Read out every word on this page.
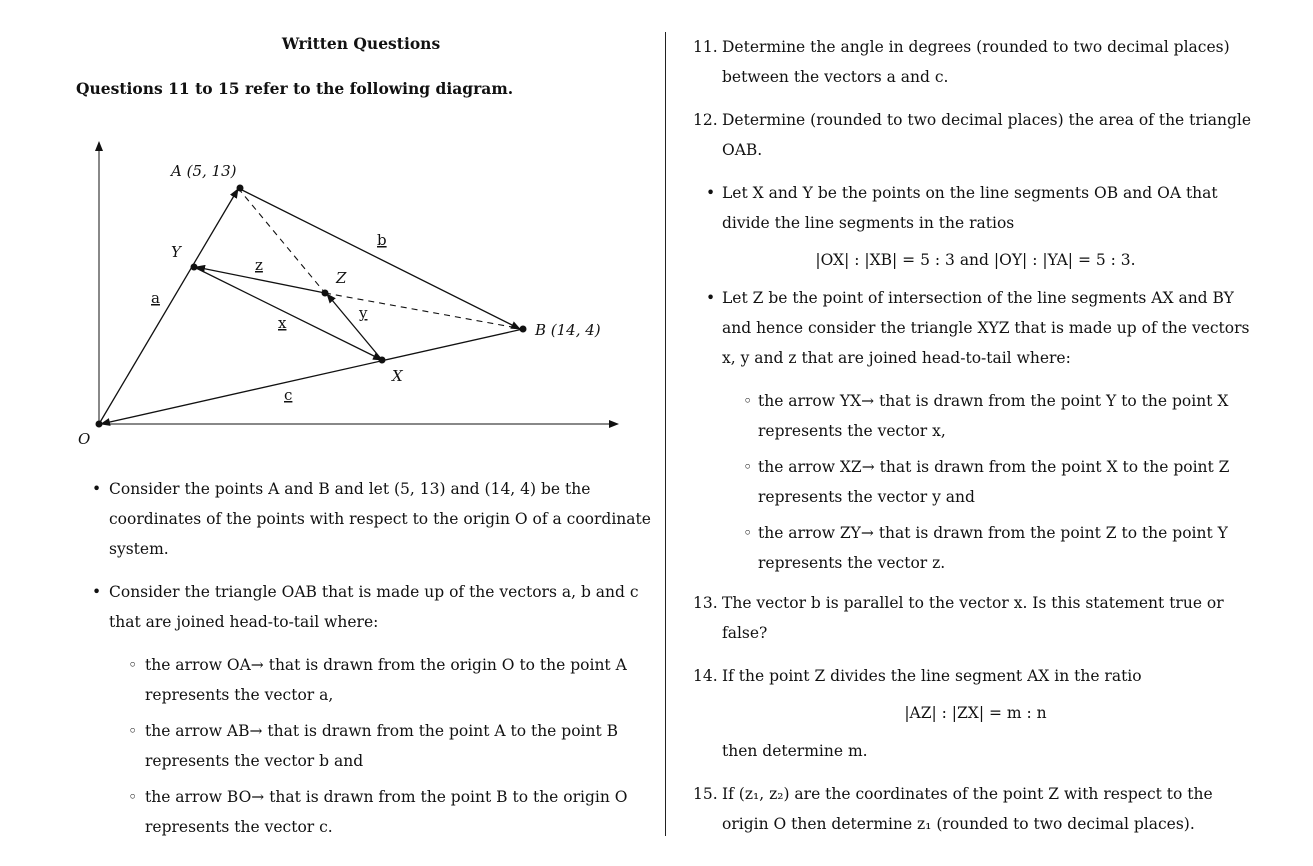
Written Questions
Questions 11 to 15 refer to the following diagram.
A (5, 13)
B (14, 4)
O
X
Y
Z
a
b
c
x
y
z
• Consider the points A and B and let (5, 13) and (14, 4) be the coordinates of the points with respect to the origin O of a coordinate system.
• Consider the triangle OAB that is made up of the vectors a, b and c that are joined head-to-tail where:
◦ the arrow OA→ that is drawn from the origin O to the point A represents the vector a,
◦ the arrow AB→ that is drawn from the point A to the point B represents the vector b and
◦ the arrow BO→ that is drawn from the point B to the origin O represents the vector c.
11. Determine the angle in degrees (rounded to two decimal places) between the vectors a and c.
12. Determine (rounded to two decimal places) the area of the triangle OAB.
• Let X and Y be the points on the line segments OB and OA that divide the line segments in the ratios
|OX| : |XB| = 5 : 3 and |OY| : |YA| = 5 : 3.
• Let Z be the point of intersection of the line segments AX and BY and hence consider the triangle XYZ that is made up of the vectors x, y and z that are joined head-to-tail where:
◦ the arrow YX→ that is drawn from the point Y to the point X represents the vector x,
◦ the arrow XZ→ that is drawn from the point X to the point Z represents the vector y and
◦ the arrow ZY→ that is drawn from the point Z to the point Y represents the vector z.
13. The vector b is parallel to the vector x. Is this statement true or false?
14. If the point Z divides the line segment AX in the ratio
|AZ| : |ZX| = m : n
then determine m.
15. If (z₁, z₂) are the coordinates of the point Z with respect to the origin O then determine z₁ (rounded to two decimal places).
